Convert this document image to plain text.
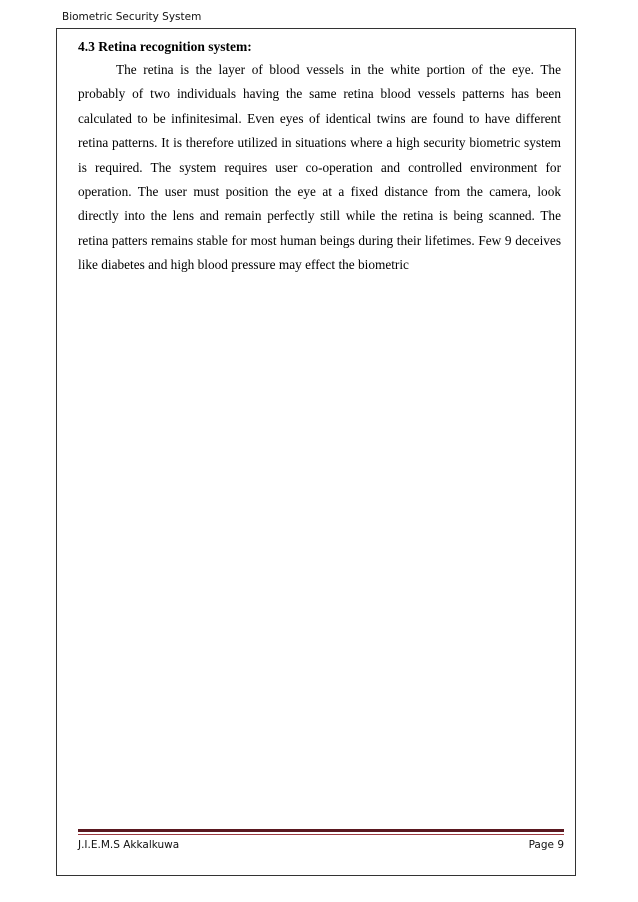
Biometric Security System
4.3 Retina recognition system:

The retina is the layer of blood vessels in the white portion of the eye. The probably of two individuals having the same retina blood vessels patterns has been calculated to be infinitesimal. Even eyes of identical twins are found to have different retina patterns. It is therefore utilized in situations where a high security biometric system is required. The system requires user co-operation and controlled environment for operation. The user must position the eye at a fixed distance from the camera, look directly into the lens and remain perfectly still while the retina is being scanned. The retina patters remains stable for most human beings during their lifetimes. Few 9 deceives like diabetes and high blood pressure may effect the biometric

J.I.E.M.S Akkalkuwa	Page 9
